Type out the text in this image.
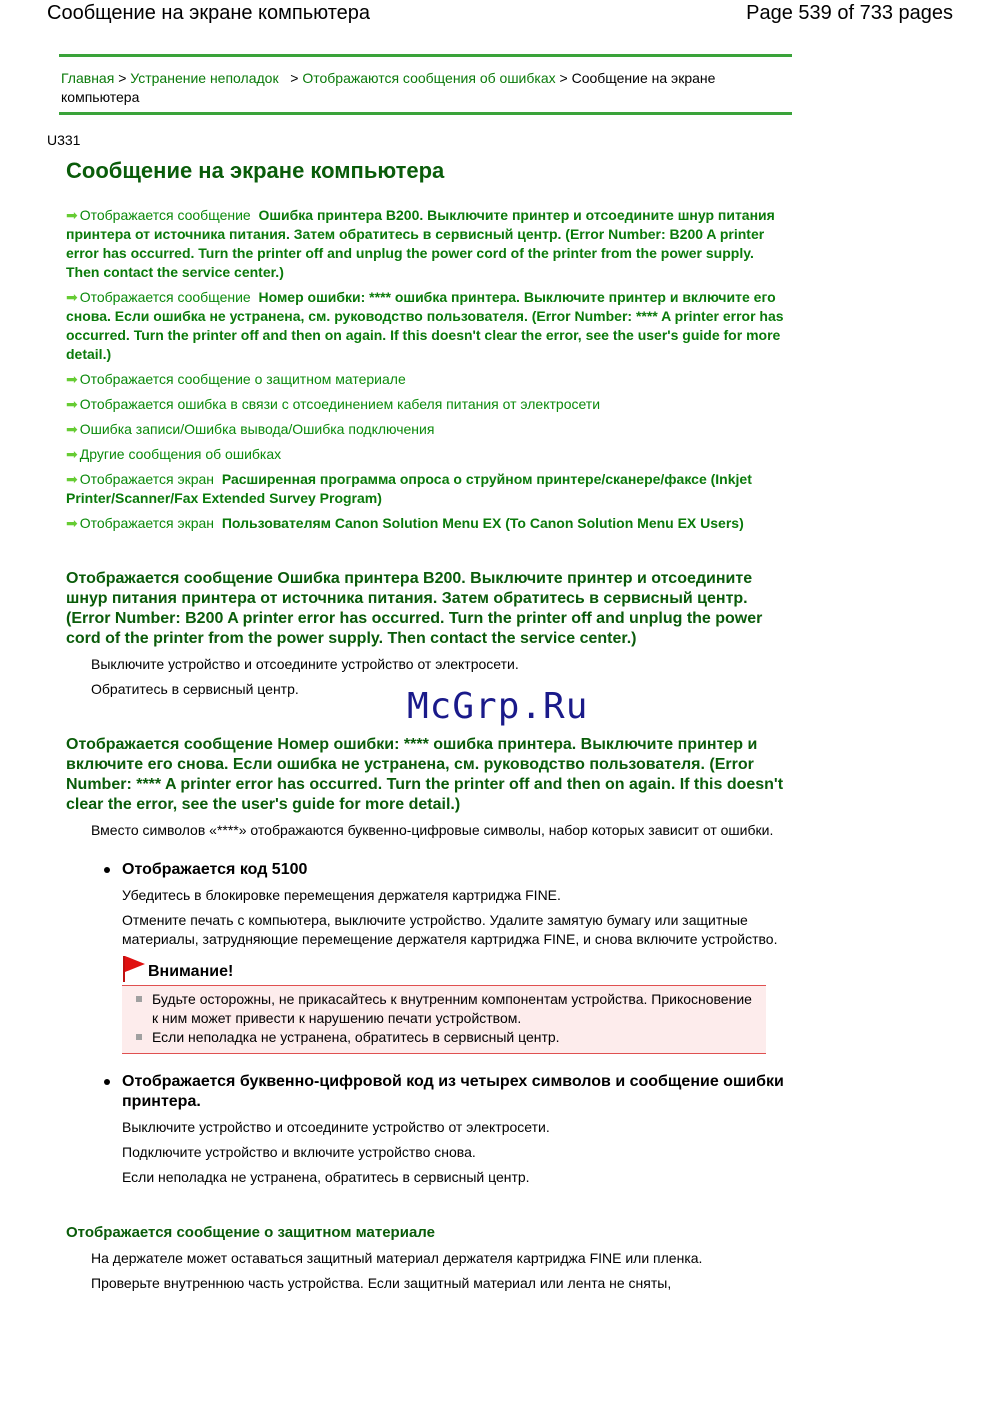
Сообщение на экране компьютера	Page 539 of 733 pages
Главная > Устранение неполадок > Отображаются сообщения об ошибках > Сообщение на экране компьютера
U331
Сообщение на экране компьютера
➡ Отображается сообщение Ошибка принтера B200. Выключите принтер и отсоедините шнур питания принтера от источника питания. Затем обратитесь в сервисный центр. (Error Number: B200 A printer error has occurred. Turn the printer off and unplug the power cord of the printer from the power supply. Then contact the service center.)
➡ Отображается сообщение Номер ошибки: **** ошибка принтера. Выключите принтер и включите его снова. Если ошибка не устранена, см. руководство пользователя. (Error Number: **** A printer error has occurred. Turn the printer off and then on again. If this doesn't clear the error, see the user's guide for more detail.)
➡ Отображается сообщение о защитном материале
➡ Отображается ошибка в связи с отсоединением кабеля питания от электросети
➡ Ошибка записи/Ошибка вывода/Ошибка подключения
➡ Другие сообщения об ошибках
➡ Отображается экран Расширенная программа опроса о струйном принтере/сканере/факсе (Inkjet Printer/Scanner/Fax Extended Survey Program)
➡ Отображается экран Пользователям Canon Solution Menu EX (To Canon Solution Menu EX Users)
Отображается сообщение Ошибка принтера B200. Выключите принтер и отсоедините шнур питания принтера от источника питания. Затем обратитесь в сервисный центр. (Error Number: B200 A printer error has occurred. Turn the printer off and unplug the power cord of the printer from the power supply. Then contact the service center.)
Выключите устройство и отсоедините устройство от электросети.
Обратитесь в сервисный центр.
Отображается сообщение Номер ошибки: **** ошибка принтера. Выключите принтер и включите его снова. Если ошибка не устранена, см. руководство пользователя. (Error Number: **** A printer error has occurred. Turn the printer off and then on again. If this doesn't clear the error, see the user's guide for more detail.)
Вместо символов «****» отображаются буквенно-цифровые символы, набор которых зависит от ошибки.
Отображается код 5100
Убедитесь в блокировке перемещения держателя картриджа FINE.
Отмените печать с компьютера, выключите устройство. Удалите замятую бумагу или защитные материалы, затрудняющие перемещение держателя картриджа FINE, и снова включите устройство.
Внимание!
Будьте осторожны, не прикасайтесь к внутренним компонентам устройства. Прикосновение к ним может привести к нарушению печати устройством.
Если неполадка не устранена, обратитесь в сервисный центр.
Отображается буквенно-цифровой код из четырех символов и сообщение ошибки принтера.
Выключите устройство и отсоедините устройство от электросети.
Подключите устройство и включите устройство снова.
Если неполадка не устранена, обратитесь в сервисный центр.
Отображается сообщение о защитном материале
На держателе может оставаться защитный материал держателя картриджа FINE или пленка.
Проверьте внутреннюю часть устройства. Если защитный материал или лента не сняты,
McGrp.Ru
